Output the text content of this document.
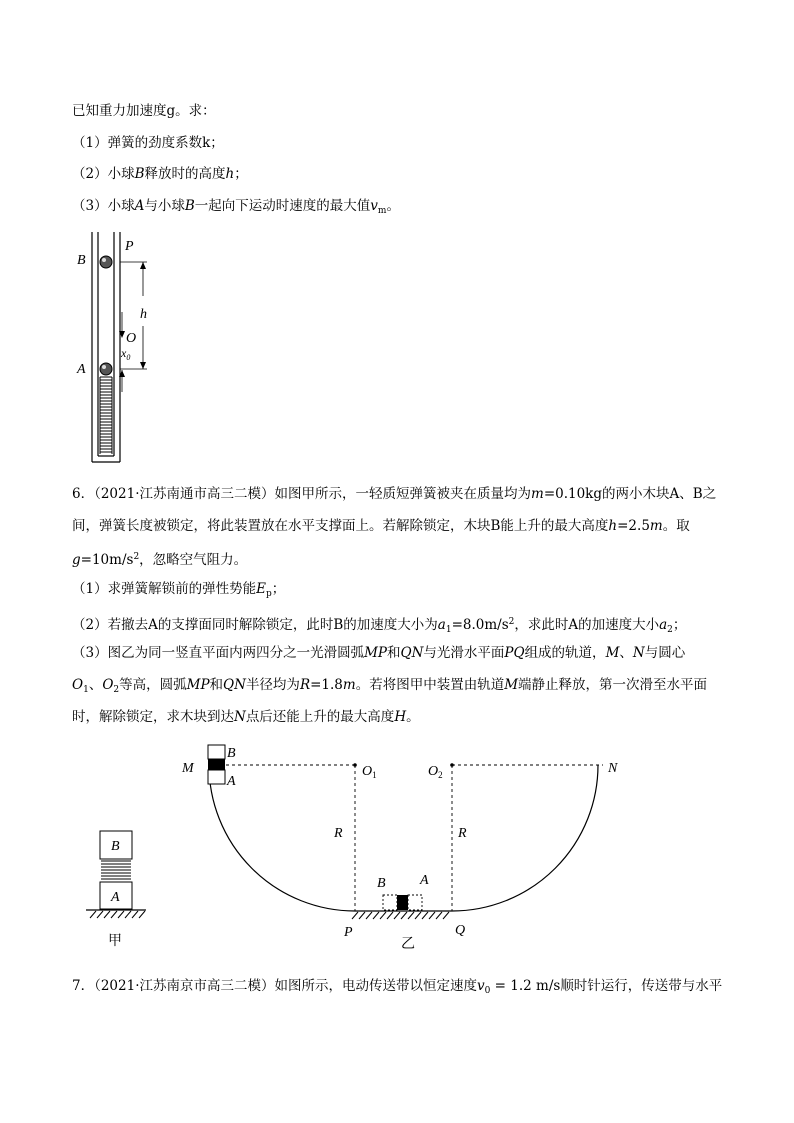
已知重力加速度g。求：
（1）弹簧的劲度系数k；
（2）小球B释放时的高度h；
（3）小球A与小球B一起向下运动时速度的最大值$v_m$。
B
P
h
O
$x_0$
A
6．（2021·江苏南通市高三二模）如图甲所示，一轻质短弹簧被夹在质量均为m=0.10kg的两小木块A、B之
间，弹簧长度被锁定，将此装置放在水平支撑面上。若解除锁定，木块B能上升的最大高度h=2.5m。取
$g=10m/s^2$，忽略空气阻力。
（1）求弹簧解锁前的弹性势能$E_p$；
（2）若撤去A的支撑面同时解除锁定，此时B的加速度大小为$a_1=8.0m/s^2$，求此时A的加速度大小$a_2$；
（3）图乙为同一竖直平面内两四分之一光滑圆弧MP和QN与光滑水平面PQ组成的轨道，M、N与圆心
$O_1$、$O_2$等高，圆弧MP和QN半径均为R=1.8m。若将图甲中装置由轨道M端静止释放，第一次滑至水平面
时，解除锁定，求木块到达N点后还能上升的最大高度H。
B
A
甲
M
B
A
$O_1$	$O_2$	N
R	R
B A
P	Q
乙
7．（2021·江苏南京市高三二模）如图所示，电动传送带以恒定速度$v_0 = 1.2$ m/s顺时针运行，传送带与水平
